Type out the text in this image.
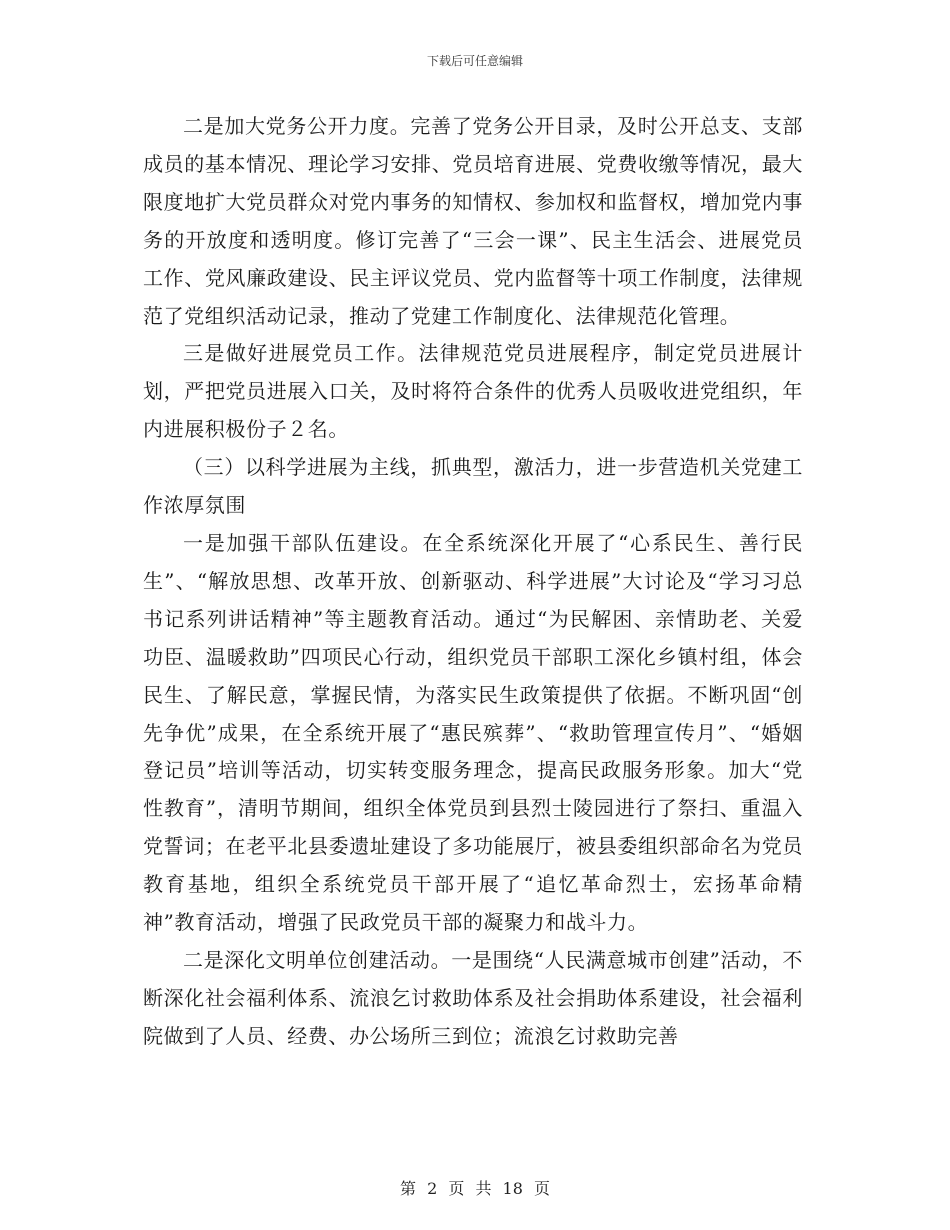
下载后可任意编辑

二是加大党务公开力度。完善了党务公开目录，及时公开总支、支部成员的基本情况、理论学习安排、党员培育进展、党费收缴等情况，最大限度地扩大党员群众对党内事务的知情权、参加权和监督权，增加党内事务的开放度和透明度。修订完善了“三会一课”、民主生活会、进展党员工作、党风廉政建设、民主评议党员、党内监督等十项工作制度，法律规范了党组织活动记录，推动了党建工作制度化、法律规范化管理。

三是做好进展党员工作。法律规范党员进展程序，制定党员进展计划，严把党员进展入口关，及时将符合条件的优秀人员吸收进党组织，年内进展积极份子２名。

（三）以科学进展为主线，抓典型，激活力，进一步营造机关党建工作浓厚氛围

一是加强干部队伍建设。在全系统深化开展了“心系民生、善行民生”、“解放思想、改革开放、创新驱动、科学进展”大讨论及“学习习总书记系列讲话精神”等主题教育活动。通过“为民解困、亲情助老、关爱功臣、温暖救助”四项民心行动，组织党员干部职工深化乡镇村组，体会民生、了解民意，掌握民情，为落实民生政策提供了依据。不断巩固“创先争优”成果，在全系统开展了“惠民殡葬”、“救助管理宣传月”、“婚姻登记员”培训等活动，切实转变服务理念，提高民政服务形象。加大“党性教育”，清明节期间，组织全体党员到县烈士陵园进行了祭扫、重温入党誓词；在老平北县委遗址建设了多功能展厅，被县委组织部命名为党员教育基地，组织全系统党员干部开展了“追忆革命烈士，宏扬革命精神”教育活动，增强了民政党员干部的凝聚力和战斗力。

二是深化文明单位创建活动。一是围绕“人民满意城市创建”活动，不断深化社会福利体系、流浪乞讨救助体系及社会捐助体系建设，社会福利院做到了人员、经费、办公场所三到位；流浪乞讨救助完善

第 2 页 共 18 页
